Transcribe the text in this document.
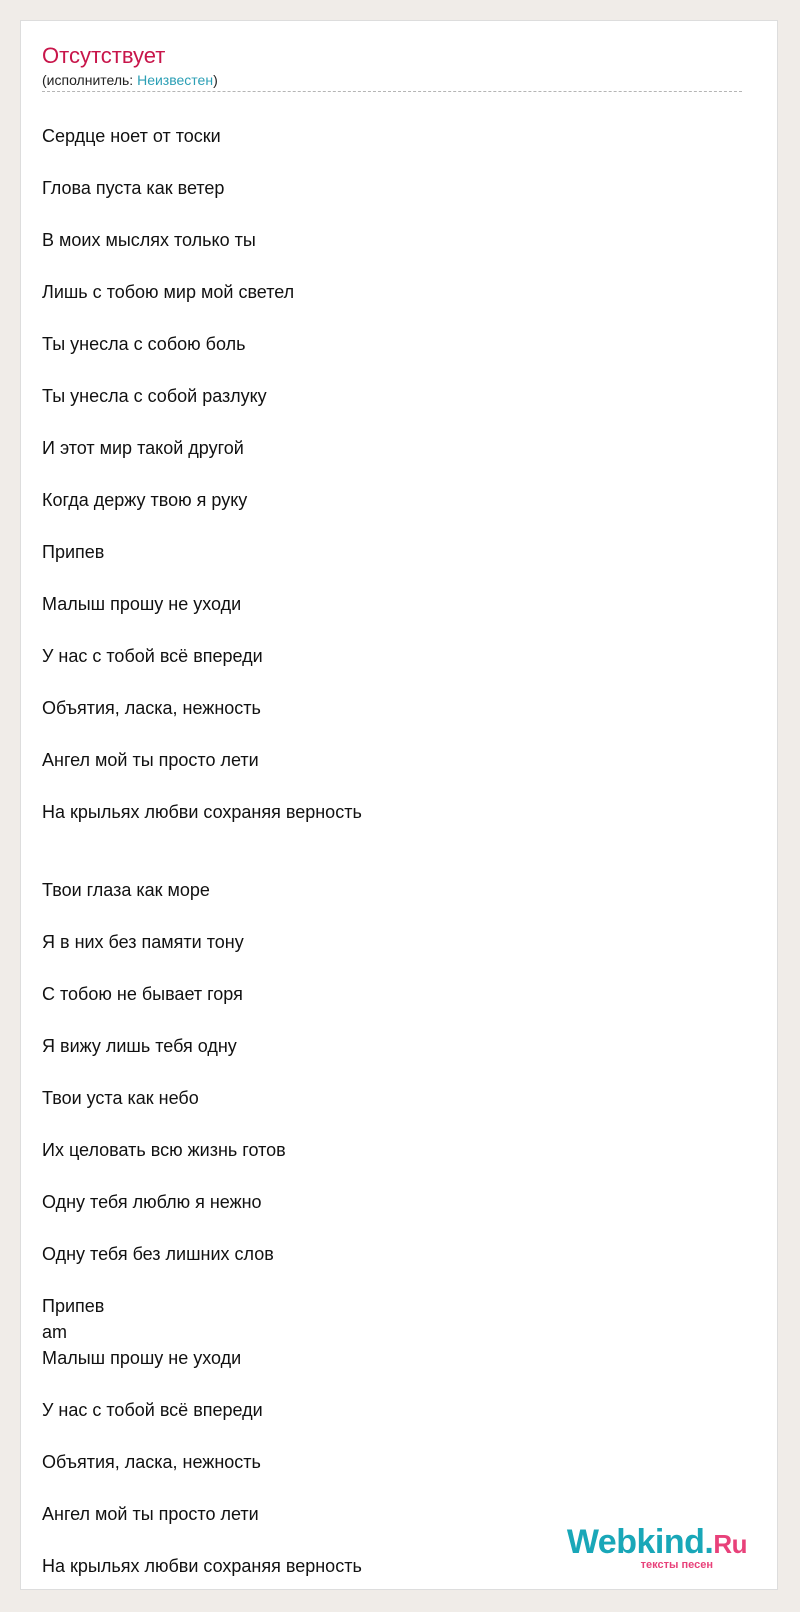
Отсутствует
(исполнитель: Неизвестен)
Сердце ноет от тоски

Глова пуста как ветер

В моих мыслях только ты

Лишь с тобою мир мой светел

Ты унесла с собою боль

Ты унесла с собой разлуку

И этот мир такой другой

Когда держу твою я руку

Припев

Малыш прошу не уходи

У нас с тобой всё впереди

Объятия, ласка, нежность

Ангел мой ты просто лети

На крыльях любви сохраняя верность

Твои глаза как море

Я в них без памяти тону

С тобою не бывает горя

Я вижу лишь тебя одну

Твои уста как небо

Их целовать всю жизнь готов

Одну тебя люблю я нежно

Одну тебя без лишних слов

Припев
am
Малыш прошу не уходи

У нас с тобой всё впереди

Объятия, ласка, нежность

Ангел мой ты просто лети

На крыльях любви сохраняя верность
Webkind.Ru
тексты песен
